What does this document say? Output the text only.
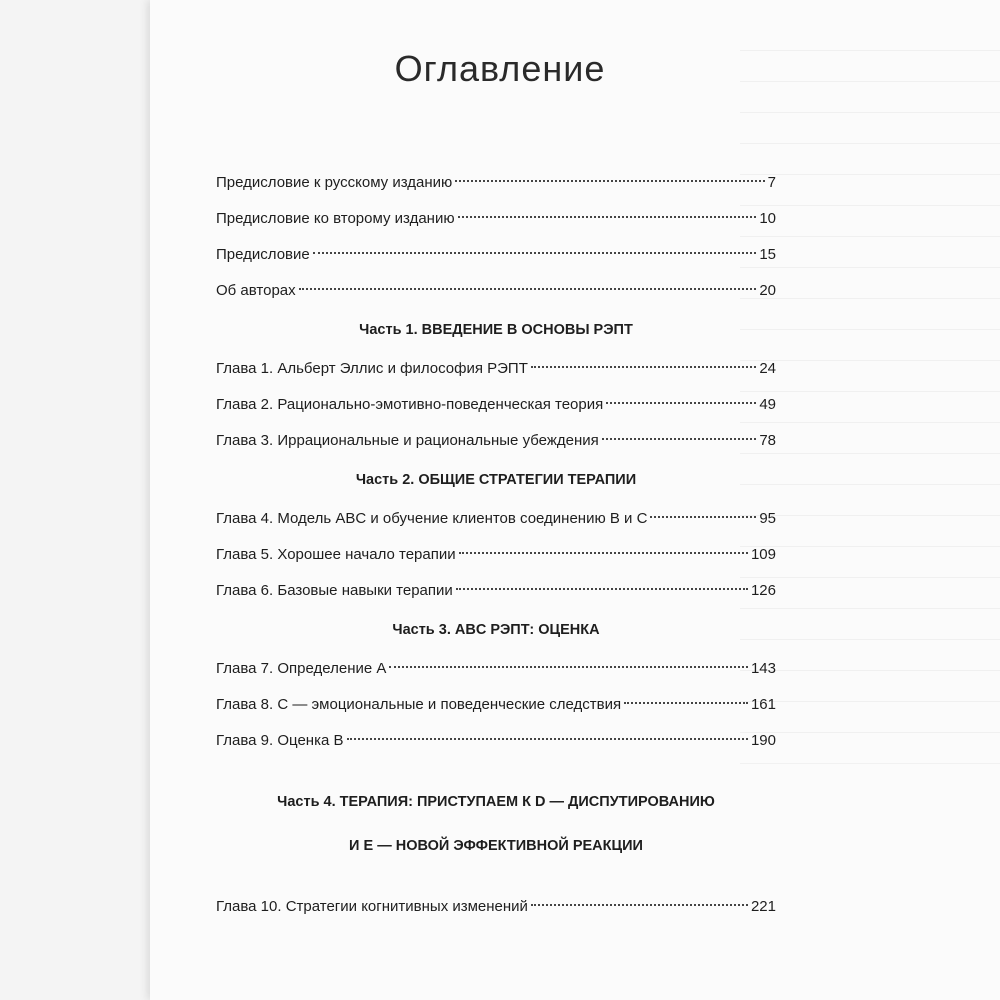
Оглавление
Предисловие к русскому изданию	7
Предисловие ко второму изданию	10
Предисловие	15
Об авторах	20
Часть 1. ВВЕДЕНИЕ В ОСНОВЫ РЭПТ
Глава 1. Альберт Эллис и философия РЭПТ	24
Глава 2. Рационально-эмотивно-поведенческая теория	49
Глава 3. Иррациональные и рациональные убеждения	78
Часть 2. ОБЩИЕ СТРАТЕГИИ ТЕРАПИИ
Глава 4. Модель ABC и обучение клиентов соединению В и С	95
Глава 5. Хорошее начало терапии	109
Глава 6. Базовые навыки терапии	126
Часть 3. ABC РЭПТ: ОЦЕНКА
Глава 7. Определение А	143
Глава 8. С — эмоциональные и поведенческие следствия	161
Глава 9. Оценка В	190

Часть 4. ТЕРАПИЯ: ПРИСТУПАЕМ К D — ДИСПУТИРОВАНИЮ

И Е — НОВОЙ ЭФФЕКТИВНОЙ РЕАКЦИИ

Глава 10. Стратегии когнитивных изменений	221
